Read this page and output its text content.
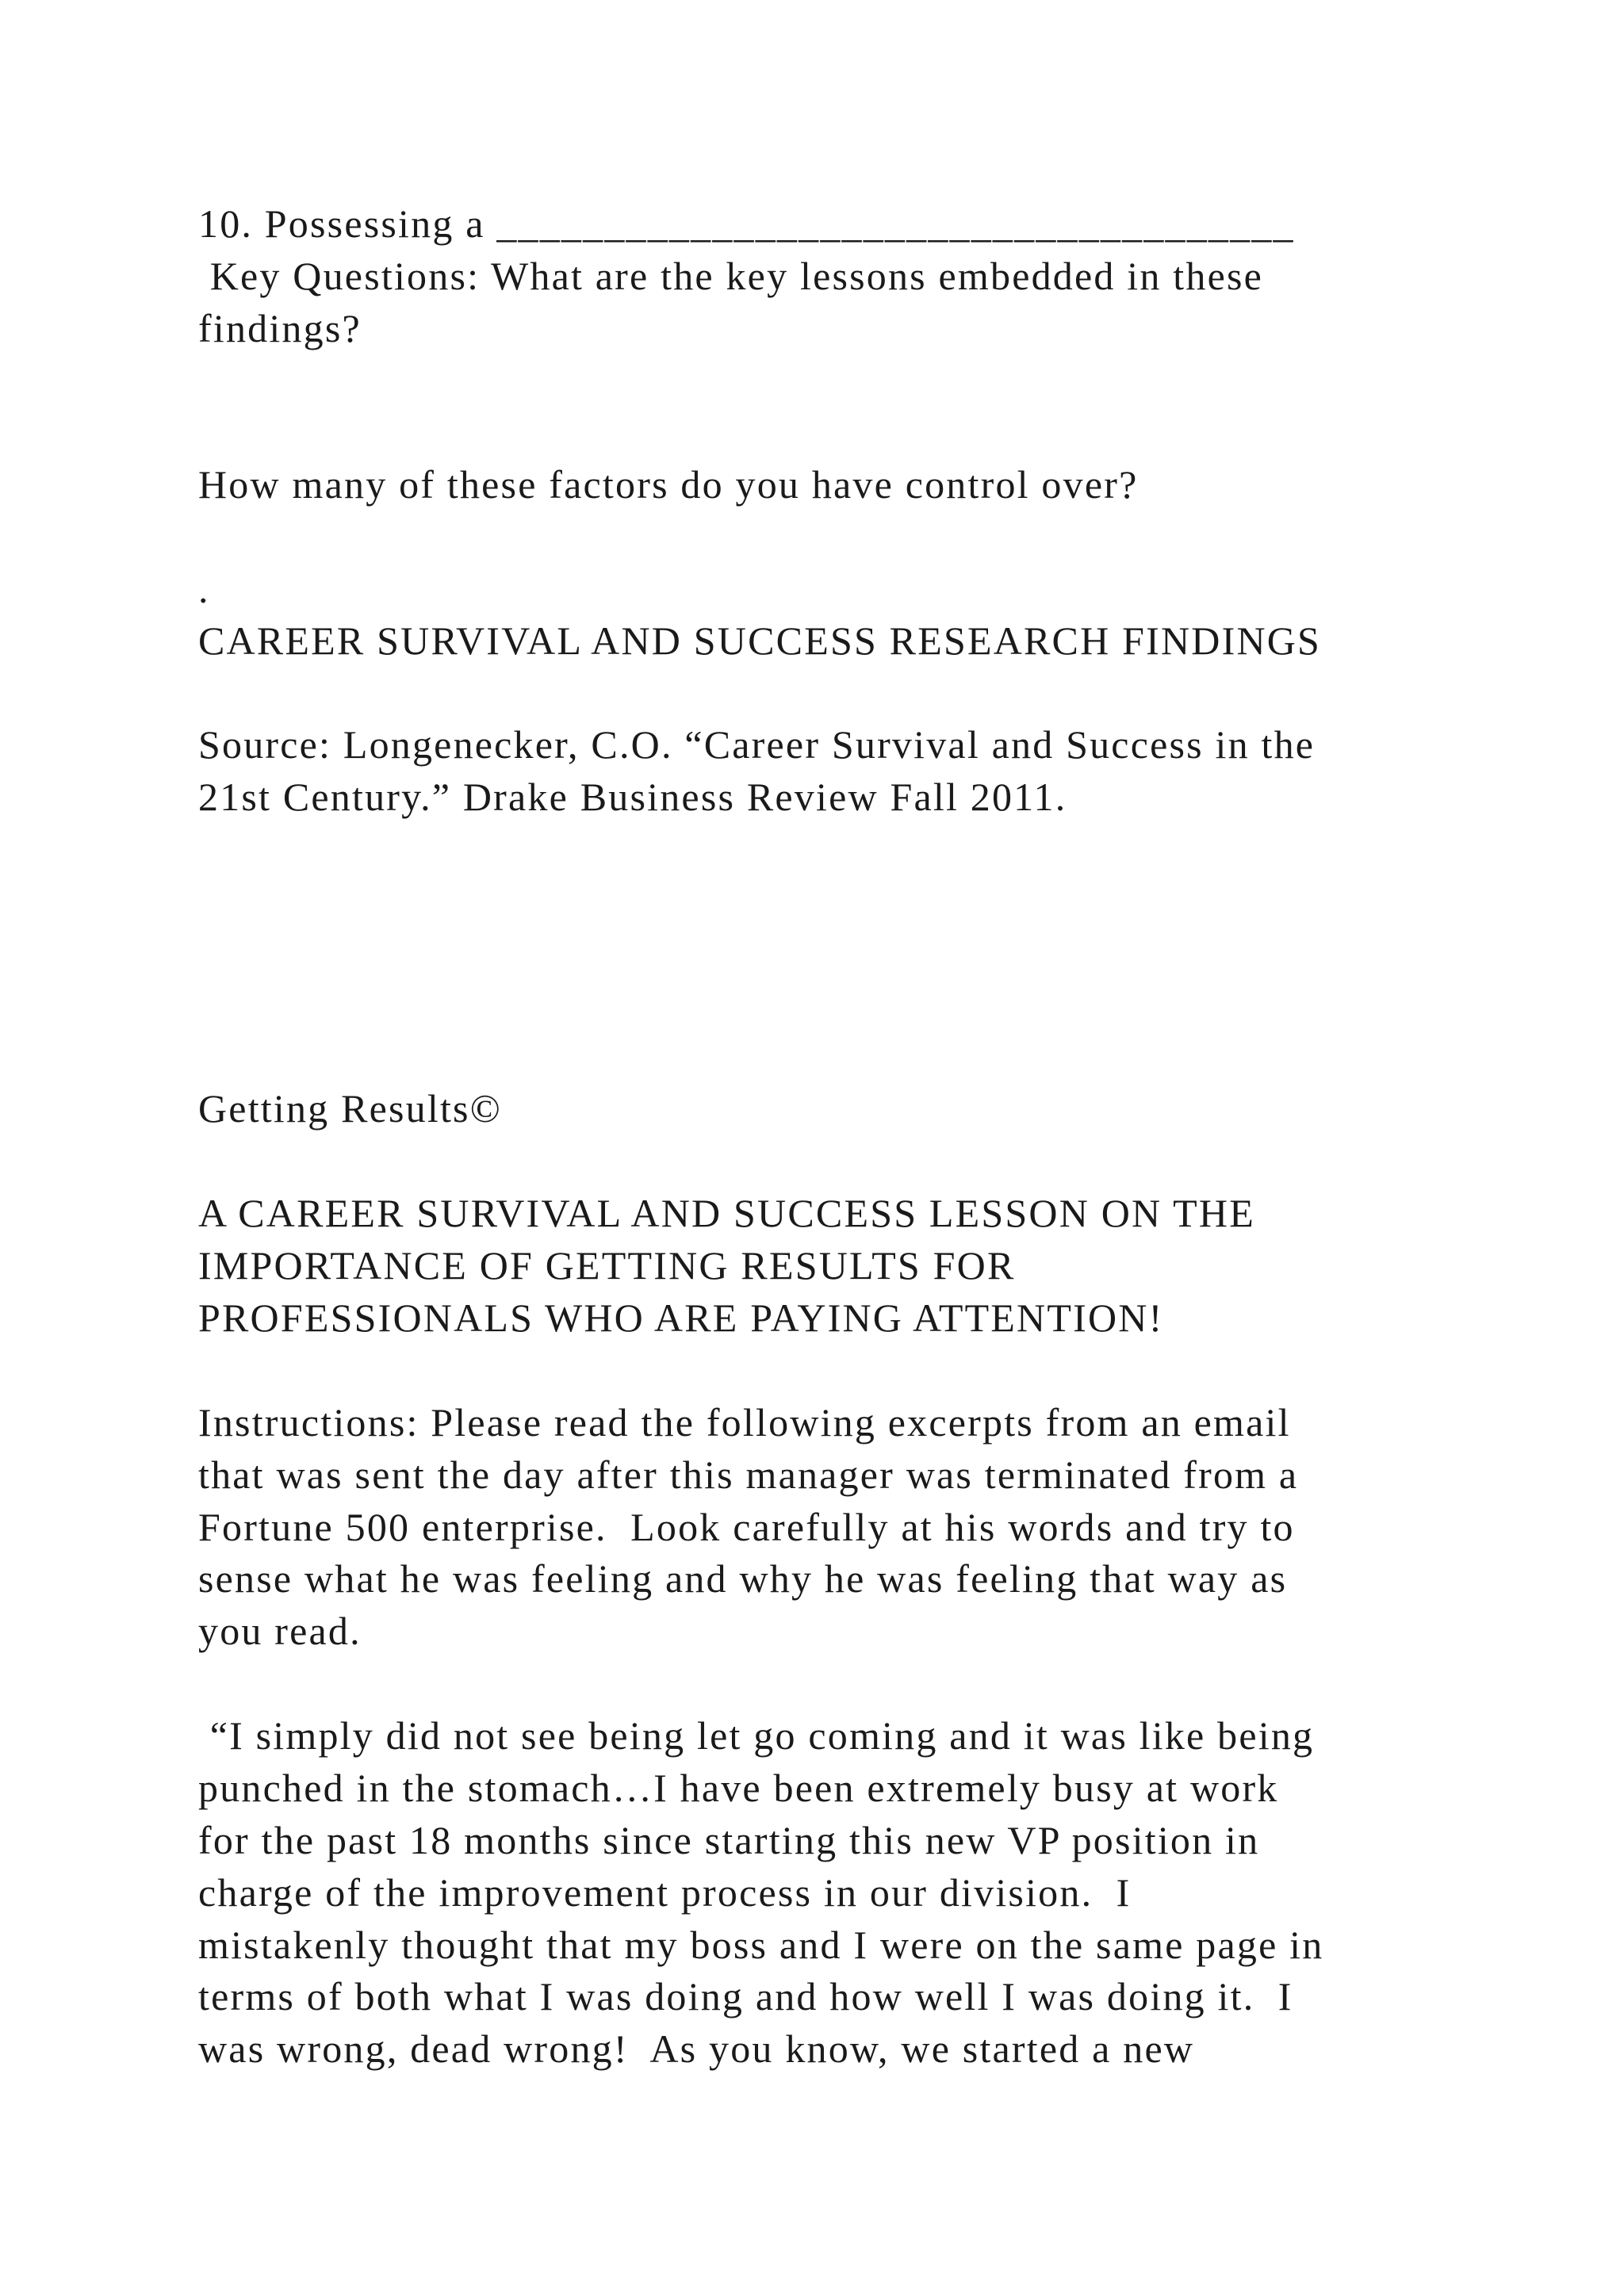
10. Possessing a _____________________________________

Key Questions: What are the key lessons embedded in these

findings?

How many of these factors do you have control over?

.

CAREER SURVIVAL AND SUCCESS RESEARCH FINDINGS

Source: Longenecker, C.O. “Career Survival and Success in the

21st Century.” Drake Business Review Fall 2011.

Getting Results©

A CAREER SURVIVAL AND SUCCESS LESSON ON THE

IMPORTANCE OF GETTING RESULTS FOR

PROFESSIONALS WHO ARE PAYING ATTENTION!

Instructions: Please read the following excerpts from an email

that was sent the day after this manager was terminated from a

Fortune 500 enterprise.  Look carefully at his words and try to

sense what he was feeling and why he was feeling that way as

you read.

“I simply did not see being let go coming and it was like being

punched in the stomach…I have been extremely busy at work

for the past 18 months since starting this new VP position in

charge of the improvement process in our division.  I

mistakenly thought that my boss and I were on the same page in

terms of both what I was doing and how well I was doing it.  I

was wrong, dead wrong!  As you know, we started a new
